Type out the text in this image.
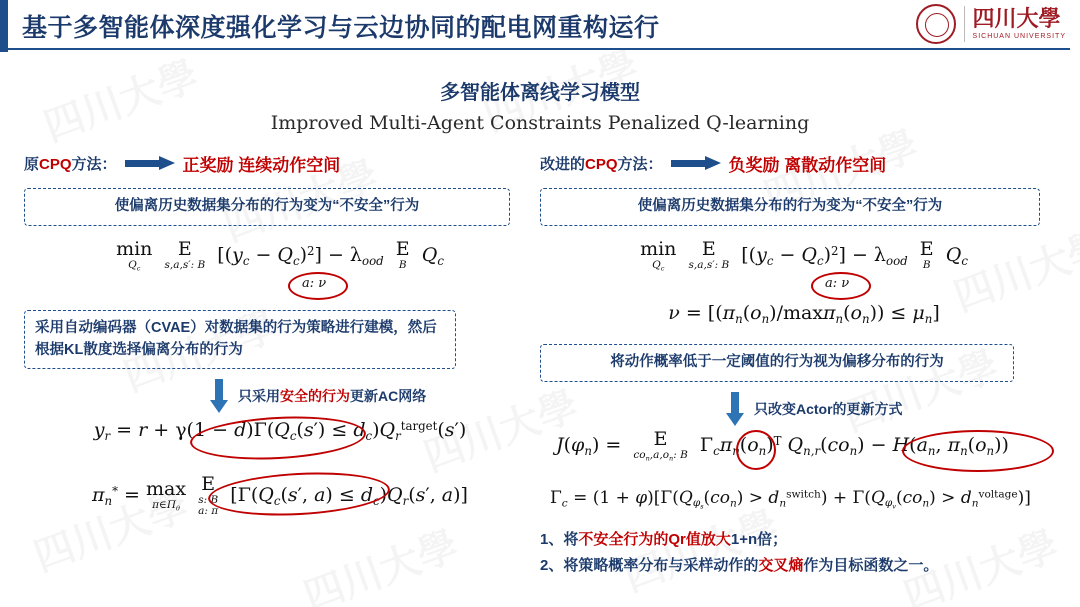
基于多智能体深度强化学习与云边协同的配电网重构运行	四川大學
SICHUAN UNIVERSITY
多智能体离线学习模型
Improved Multi-Agent Constraints Penalized Q-learning
原CPQ方法：	正奖励 连续动作空间
使偏离历史数据集分布的行为变为“不安全”行为
min
$Q_c$

E
s,a,s′: B $[(y_c - Q_c)^2] - \lambda_{ood}$
E
B $Q_c$
a: ν
采用自动编码器（CVAE）对数据集的行为策略进行建模，然后根据KL散度选择偏离分布的行为
只采用安全的行为更新AC网络
$y_r = r + \gamma(1 - d)\Gamma(Q_c(s') \le d_c)Q_r^{target}(s')$
$\pi_n^* = \max$
$\pi\in\Pi_\theta$

E
s: B
a: π
[$\Gamma(Q_c(s'$, $a) \le d_c)Q_r(s'$, a)]
改进的CPQ方法：	负奖励 离散动作空间
使偏离历史数据集分布的行为变为“不安全”行为
min
$Q_c$

E
s,a,s′: B $[(y_c - Q_c)^2] - \lambda_{ood}$
E
B $Q_c$
a: ν
$\nu = [(\pi_n(o_n)/\max\pi_n(o_n)) \le \mu_n]$
将动作概率低于一定阈值的行为视为偏移分布的行为
只改变Actor的更新方式
$J(\varphi_n) = E$
$co_n,a,o_n$: B $\Gamma_c\pi_n(o_n)^T$ $Q_{n,r}(co_n) - H(a_n$, $\pi_n(o_n)$)
$\Gamma_c = (1 + \varphi)[\Gamma(Q_{\varphi_s}(co_n) > d_n^{switch}) + \Gamma(Q_{\varphi_v}(co_n) > d_n^{voltage})]$
1、将不安全行为的Qr值放大1+n倍；
2、将策略概率分布与采样动作的交叉熵作为目标函数之一。
